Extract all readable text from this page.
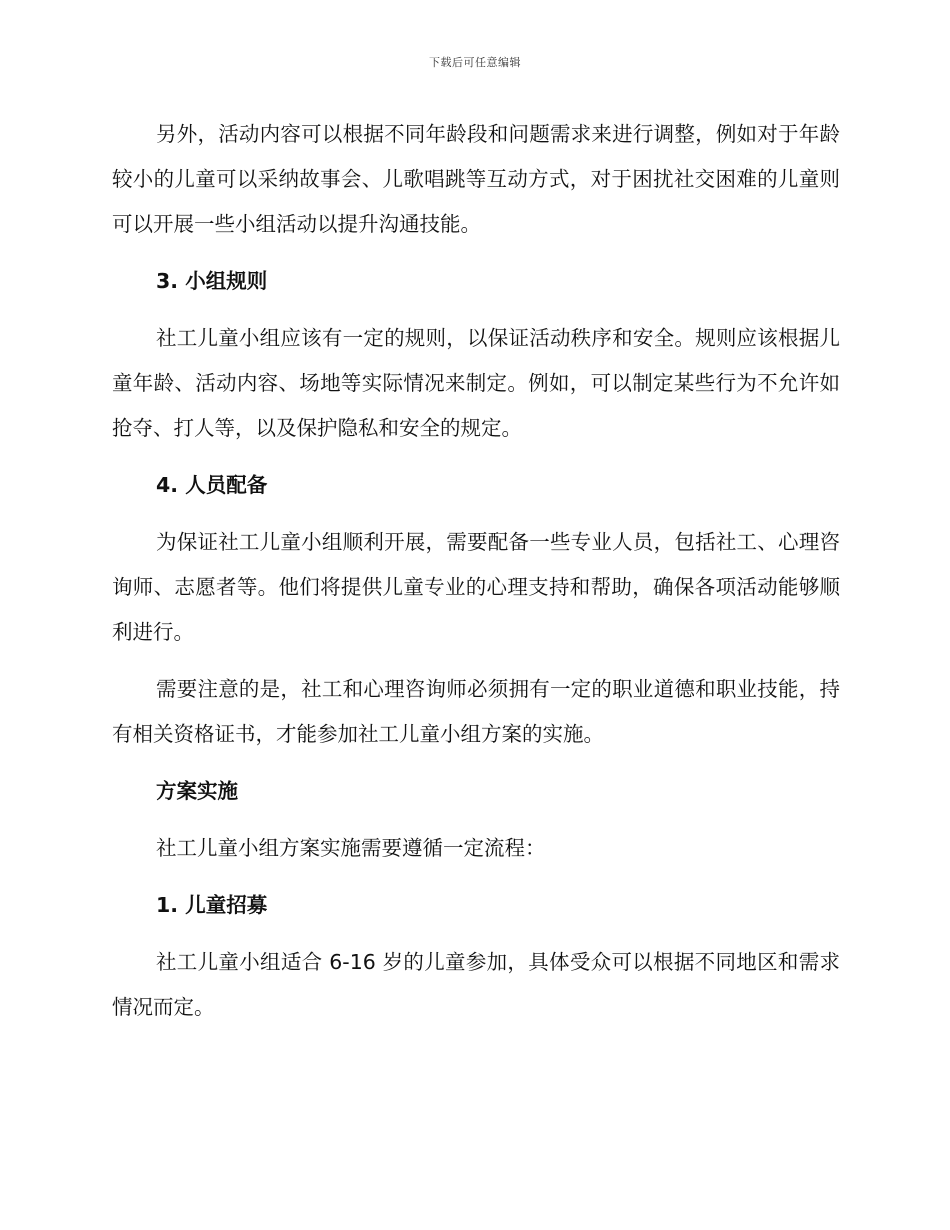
下载后可任意编辑

另外，活动内容可以根据不同年龄段和问题需求来进行调整，例如对于年龄较小的儿童可以采纳故事会、儿歌唱跳等互动方式，对于困扰社交困难的儿童则可以开展一些小组活动以提升沟通技能。

3. 小组规则

社工儿童小组应该有一定的规则，以保证活动秩序和安全。规则应该根据儿童年龄、活动内容、场地等实际情况来制定。例如，可以制定某些行为不允许如抢夺、打人等，以及保护隐私和安全的规定。

4. 人员配备

为保证社工儿童小组顺利开展，需要配备一些专业人员，包括社工、心理咨询师、志愿者等。他们将提供儿童专业的心理支持和帮助，确保各项活动能够顺利进行。

需要注意的是，社工和心理咨询师必须拥有一定的职业道德和职业技能，持有相关资格证书，才能参加社工儿童小组方案的实施。

方案实施

社工儿童小组方案实施需要遵循一定流程：

1. 儿童招募

社工儿童小组适合 6-16 岁的儿童参加，具体受众可以根据不同地区和需求情况而定。
